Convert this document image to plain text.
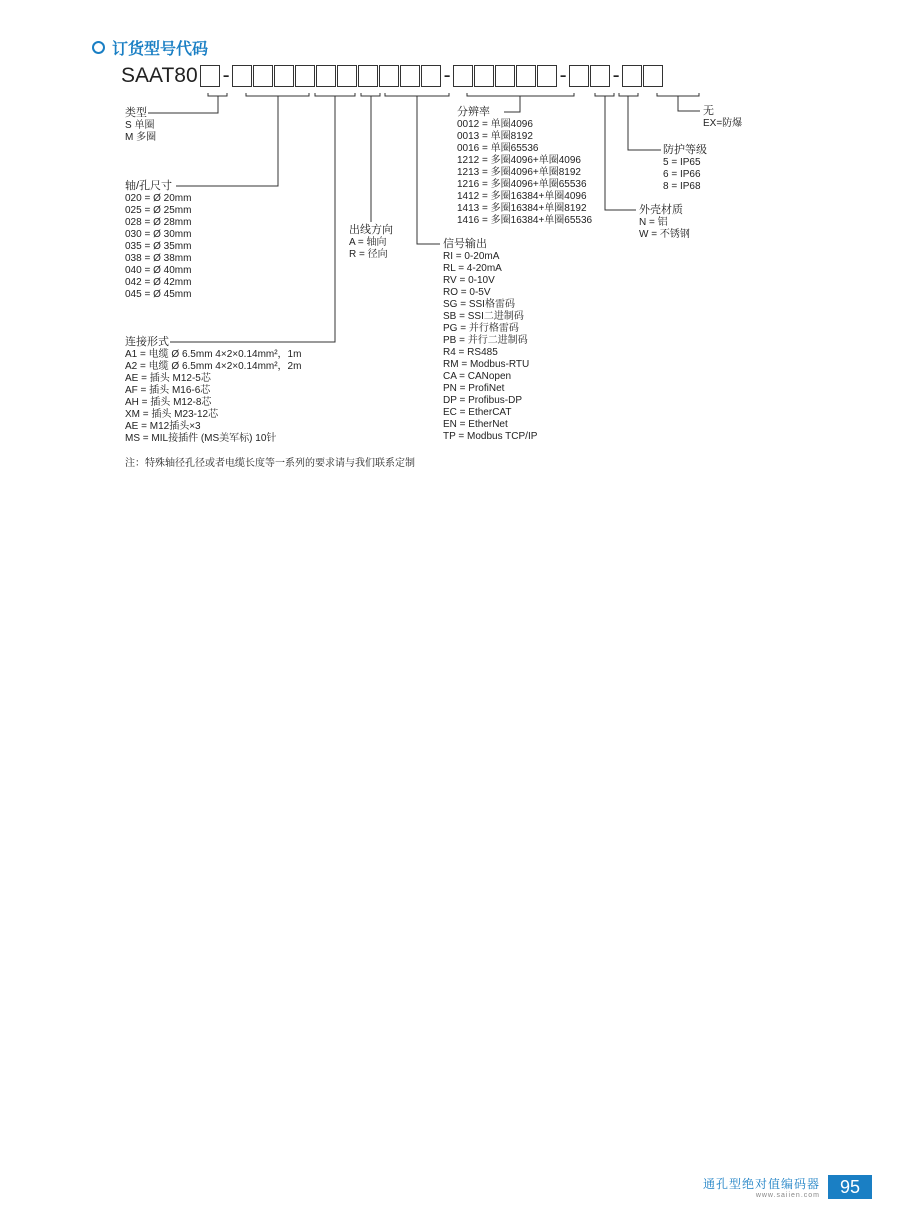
订货型号代码
SAAT80 -	-	- -
类型
S 单圈
M 多圈
轴/孔尺寸
020 = Ø 20mm
025 = Ø 25mm
028 = Ø 28mm
030 = Ø 30mm
035 = Ø 35mm
038 = Ø 38mm
040 = Ø 40mm
042 = Ø 42mm
045 = Ø 45mm
连接形式
A1 = 电缆 Ø 6.5mm 4×2×0.14mm²，1m
A2 = 电缆 Ø 6.5mm 4×2×0.14mm²，2m
AE = 插头 M12-5芯
AF = 插头 M16-6芯
AH = 插头 M12-8芯
XM = 插头 M23-12芯
AE = M12插头×3
MS = MIL接插件 (MS美军标) 10针
出线方向
A = 轴向
R = 径向
信号输出
RI = 0-20mA
RL = 4-20mA
RV = 0-10V
RO = 0-5V
SG = SSI格雷码
SB = SSI二进制码
PG = 并行格雷码
PB = 并行二进制码
R4 = RS485
RM = Modbus-RTU
CA = CANopen
PN = ProfiNet
DP = Profibus-DP
EC = EtherCAT
EN = EtherNet
TP = Modbus TCP/IP
分辨率
0012 = 单圈4096
0013 = 单圈8192
0016 = 单圈65536
1212 = 多圈4096+单圈4096
1213 = 多圈4096+单圈8192
1216 = 多圈4096+单圈65536
1412 = 多圈16384+单圈4096
1413 = 多圈16384+单圈8192
1416 = 多圈16384+单圈65536
外壳材质
N = 铝
W = 不锈钢
防护等级
5 = IP65
6 = IP66
8 = IP68
无
EX=防爆
注：特殊轴径孔径或者电缆长度等一系列的要求请与我们联系定制
通孔型绝对值编码器
www.saiien.com	95
